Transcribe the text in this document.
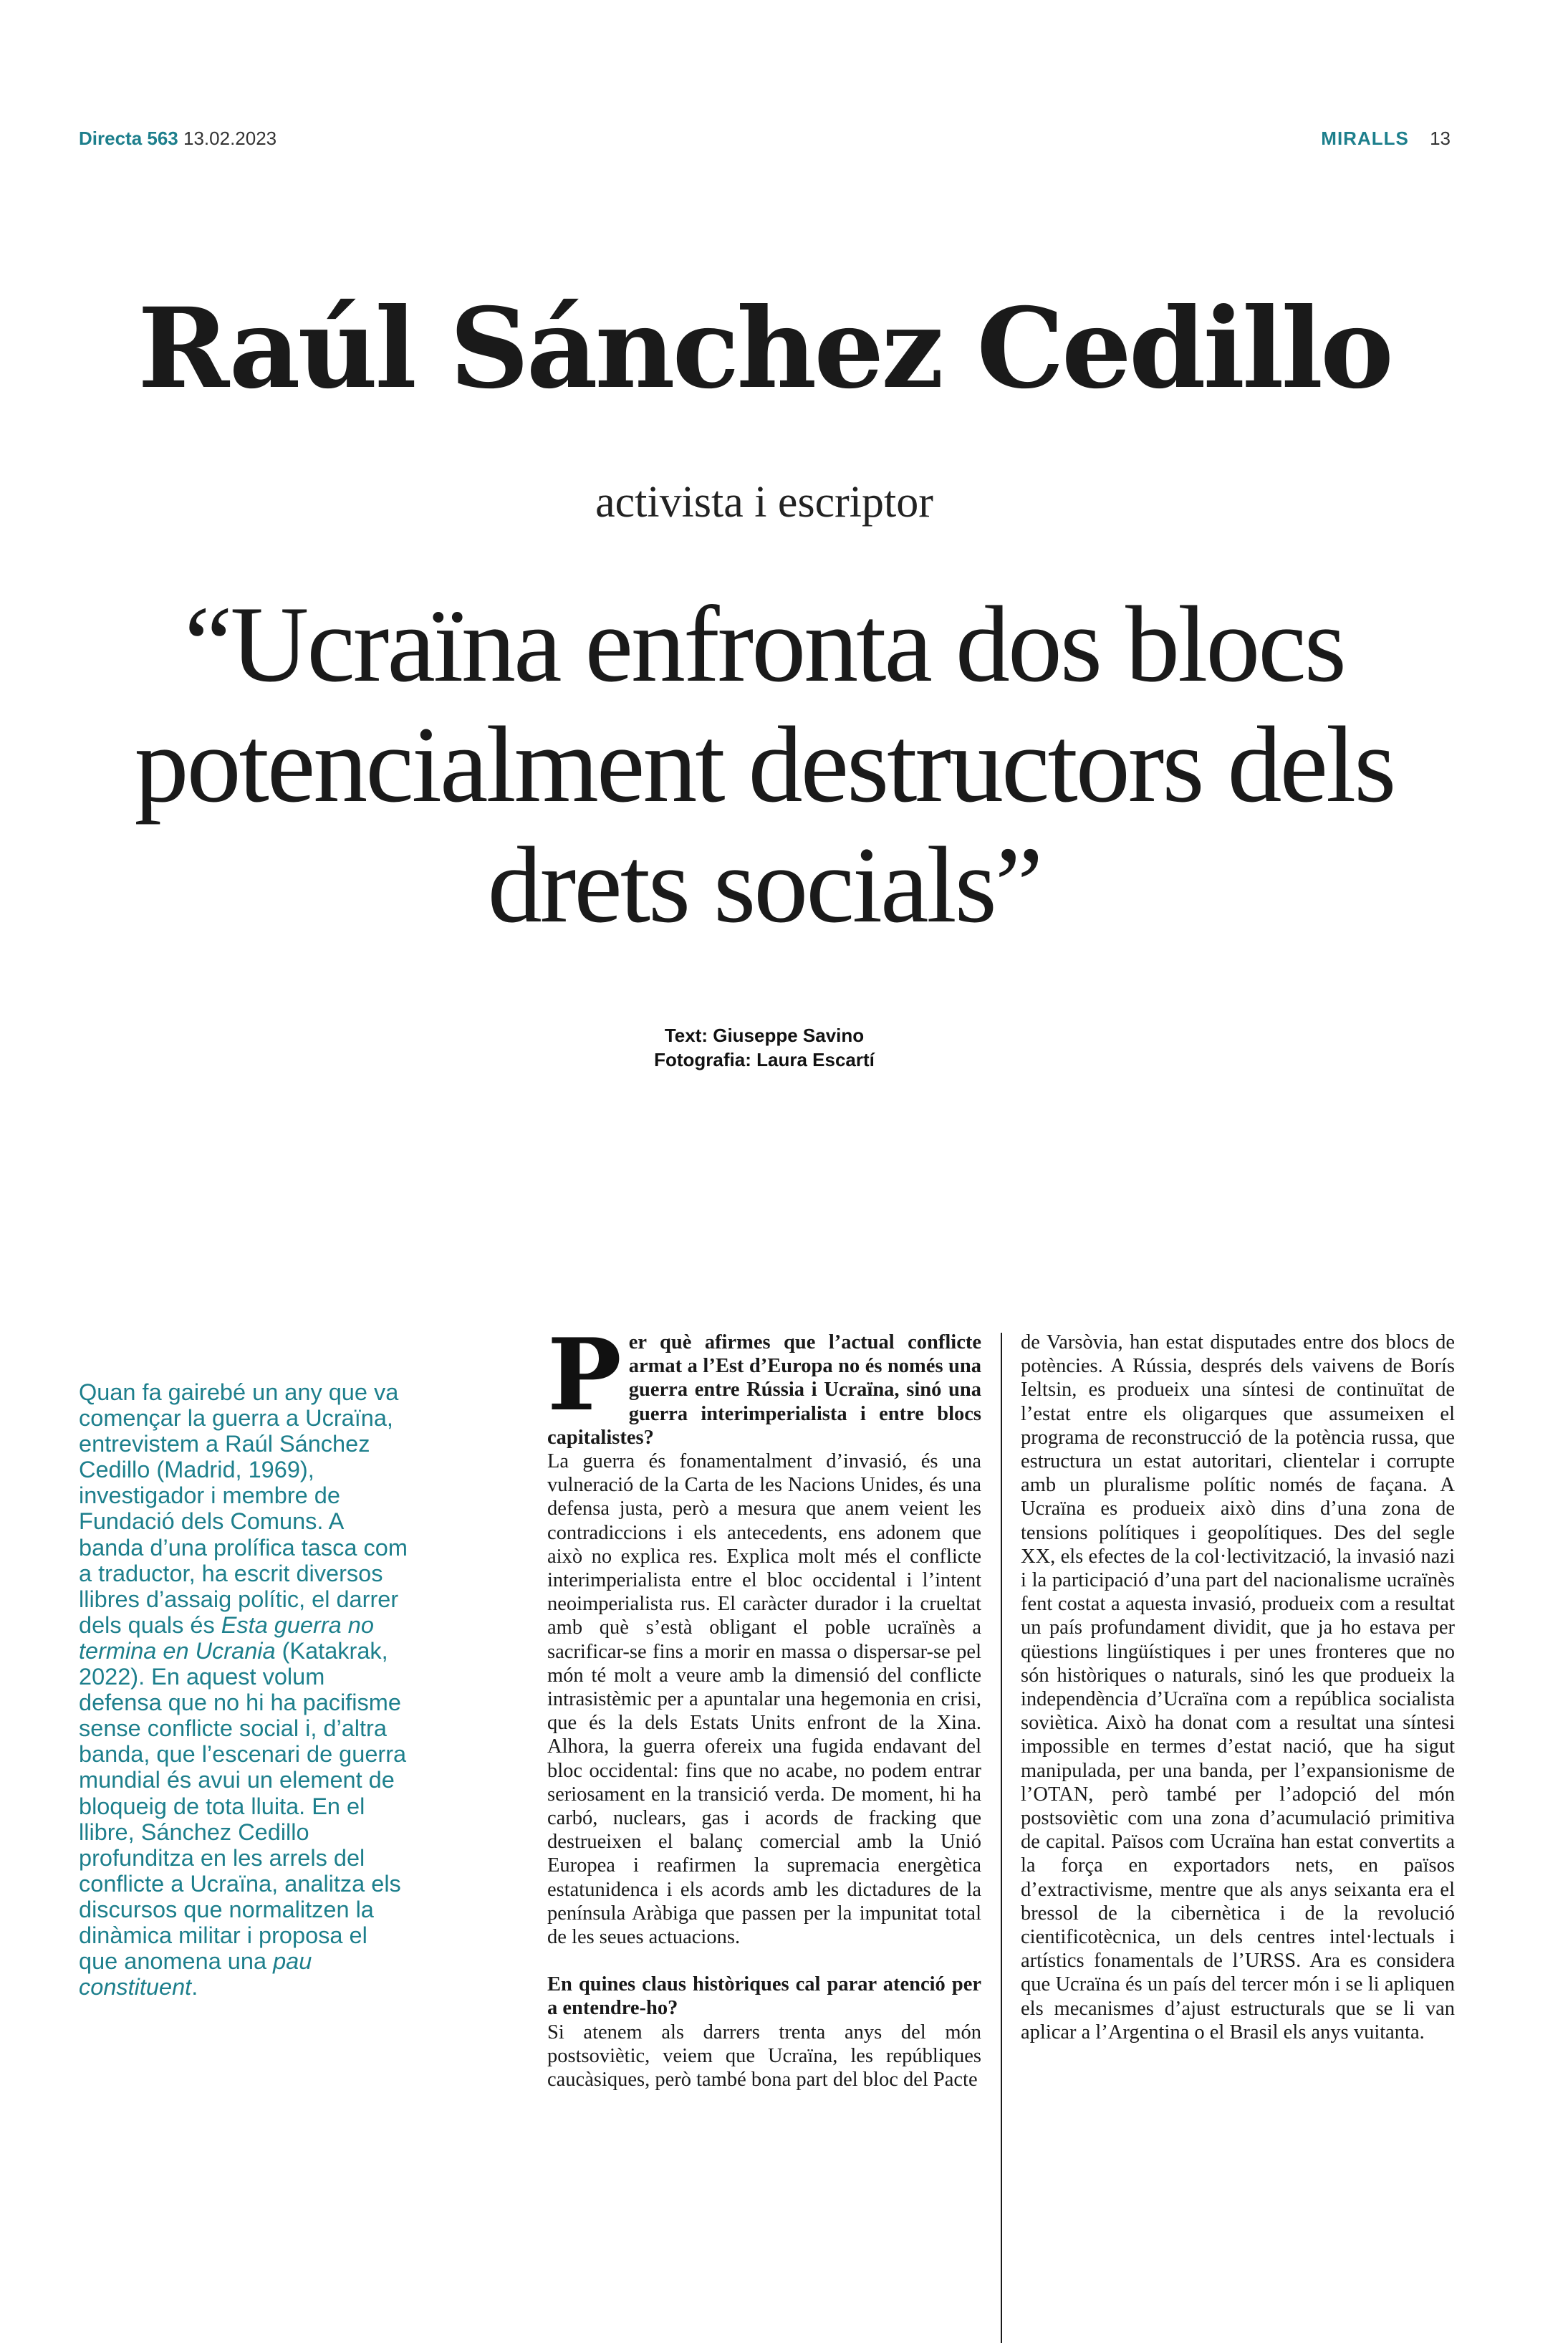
Directa 563 13.02.2023	MIRALLS 13
Raúl Sánchez Cedillo
activista i escriptor
“Ucraïna enfronta dos blocs potencialment destructors dels drets socials”
Text: Giuseppe Savino
Fotografia: Laura Escartí

Quan fa gairebé un any que va començar la guerra a Ucraïna, entrevistem a Raúl Sánchez Cedillo (Madrid, 1969), investigador i membre de Fundació dels Comuns. A banda d’una prolífica tasca com a traductor, ha escrit diversos llibres d’assaig polític, el darrer dels quals és Esta guerra no termina en Ucrania (Katakrak, 2022). En aquest volum defensa que no hi ha pacifisme sense conflicte social i, d’altra banda, que l’escenari de guerra mundial és avui un element de bloqueig de tota lluita. En el llibre, Sánchez Cedillo profunditza en les arrels del conflicte a Ucraïna, analitza els discursos que normalitzen la dinàmica militar i proposa el que anomena una pau constituent.

Per què afirmes que l’actual conflicte armat a l’Est d’Europa no és només una guerra entre Rússia i Ucraïna, sinó una guerra interimperialista i entre blocs capitalistes?

La guerra és fonamentalment d’invasió, és una vulneració de la Carta de les Nacions Unides, és una defensa justa, però a mesura que anem veient les contradiccions i els antecedents, ens adonem que això no explica res. Explica molt més el conflicte interimperialista entre el bloc occidental i l’intent neoimperialista rus. El caràcter durador i la crueltat amb què s’està obligant el poble ucraïnès a sacrificar-se fins a morir en massa o dispersar-se pel món té molt a veure amb la dimensió del conflicte intrasistèmic per a apuntalar una hegemonia en crisi, que és la dels Estats Units enfront de la Xina. Alhora, la guerra ofereix una fugida endavant del bloc occidental: fins que no acabe, no podem entrar seriosament en la transició verda. De moment, hi ha carbó, nuclears, gas i acords de fracking que destrueixen el balanç comercial amb la Unió Europea i reafirmen la supremacia energètica estatunidenca i els acords amb les dictadures de la península Aràbiga que passen per la impunitat total de les seues actuacions.

En quines claus històriques cal parar atenció per a entendre-ho?

Si atenem als darrers trenta anys del món postsoviètic, veiem que Ucraïna, les repúbliques caucàsiques, però també bona part del bloc del Pacte

de Varsòvia, han estat disputades entre dos blocs de potències. A Rússia, després dels vaivens de Borís Ieltsin, es produeix una síntesi de continuïtat de l’estat entre els oligarques que assumeixen el programa de reconstrucció de la potència russa, que estructura un estat autoritari, clientelar i corrupte amb un pluralisme polític només de façana. A Ucraïna es produeix això dins d’una zona de tensions polítiques i geopolítiques. Des del segle XX, els efectes de la col·lectivització, la invasió nazi i la participació d’una part del nacionalisme ucraïnès fent costat a aquesta invasió, produeix com a resultat un país profundament dividit, que ja ho estava per qüestions lingüístiques i per unes fronteres que no són històriques o naturals, sinó les que produeix la independència d’Ucraïna com a república socialista soviètica. Això ha donat com a resultat una síntesi impossible en termes d’estat nació, que ha sigut manipulada, per una banda, per l’expansionisme de l’OTAN, però també per l’adopció del món postsoviètic com una zona d’acumulació primitiva de capital. Països com Ucraïna han estat convertits a la força en exportadors nets, en països d’extractivisme, mentre que als anys seixanta era el bressol de la cibernètica i de la revolució cientificotècnica, un dels centres intel·lectuals i artístics fonamentals de l’URSS. Ara es considera que Ucraïna és un país del tercer món i se li apliquen els mecanismes d’ajust estructurals que se li van aplicar a l’Argentina o el Brasil els anys vuitanta.
